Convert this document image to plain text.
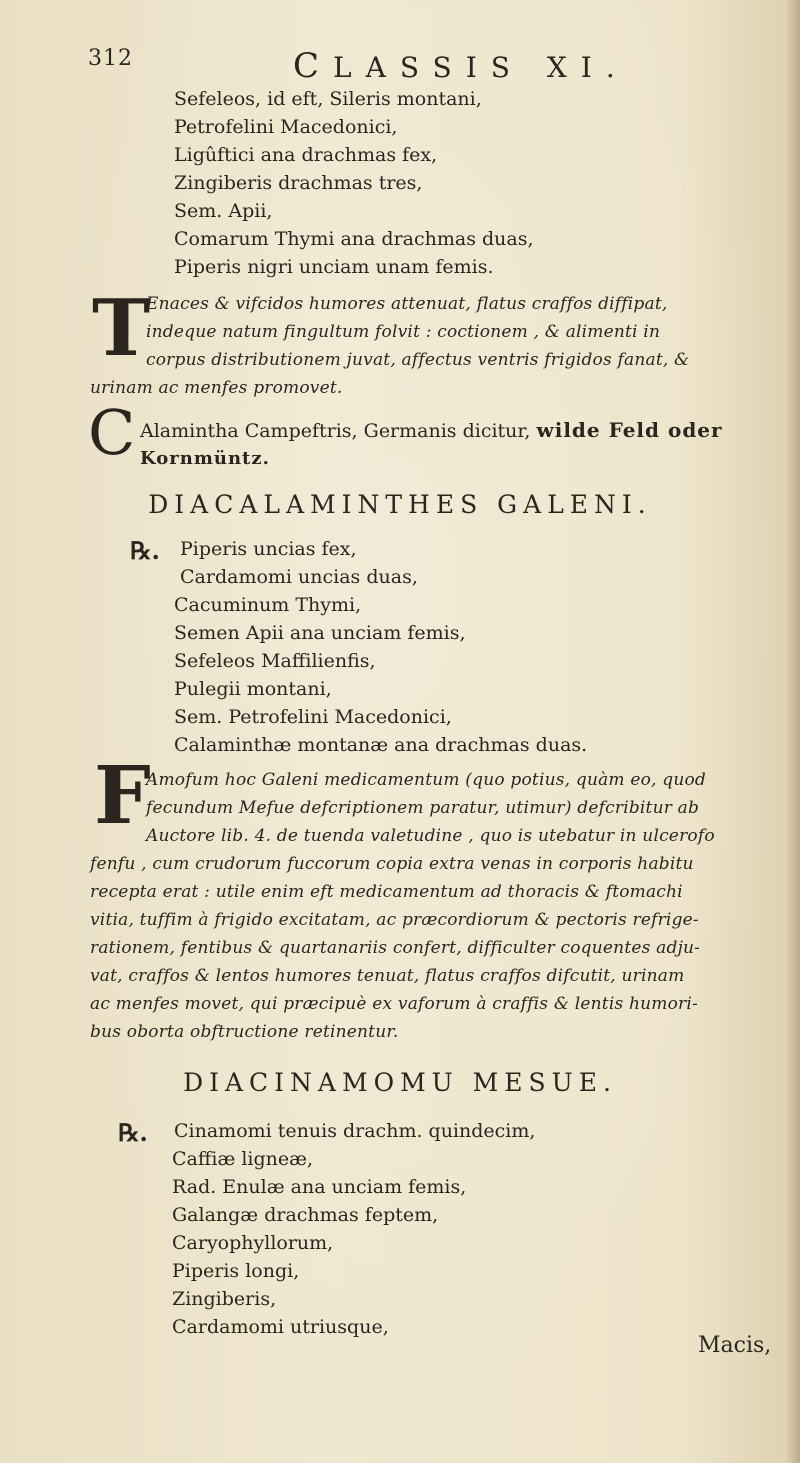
312	CLASSIS XI.
Sefeleos, id eft, Sileris montani,
Petrofelini Macedonici,
Ligûftici ana drachmas fex,
Zingiberis drachmas tres,
Sem. Apii,
Comarum Thymi ana drachmas duas,
Piperis nigri unciam unam femis.
T
Enaces & vifcidos humores attenuat, flatus craffos diffipat,
indeque natum fingultum folvit : coctionem , & alimenti in
corpus distributionem juvat, affectus ventris frigidos fanat, &
urinam ac menfes promovet.
C Alamintha Campeftris, Germanis dicitur, wilde Feld oder
Kornmüntz.
DIACALAMINTHES GALENI.
℞. Piperis uncias fex,
Cardamomi uncias duas,
Cacuminum Thymi,
Semen Apii ana unciam femis,
Sefeleos Maffilienfis,
Pulegii montani,
Sem. Petrofelini Macedonici,
Calaminthæ montanæ ana drachmas duas.
F
Amofum hoc Galeni medicamentum (quo potius, quàm eo, quod
fecundum Mefue defcriptionem paratur, utimur) defcribitur ab
Auctore lib. 4. de tuenda valetudine , quo is utebatur in ulcerofo
fenfu , cum crudorum fuccorum copia extra venas in corporis habitu
recepta erat : utile enim eft medicamentum ad thoracis & ftomachi
vitia, tuffim à frigido excitatam, ac præcordiorum & pectoris refrige-
rationem, fentibus & quartanariis confert, difficulter coquentes adju-
vat, craffos & lentos humores tenuat, flatus craffos difcutit, urinam
ac menfes movet, qui præcipuè ex vaforum à craffis & lentis humori-
bus oborta obftructione retinentur.
DIACINAMOMU MESUE.
℞. Cinamomi tenuis drachm. quindecim,
Caffiæ ligneæ,
Rad. Enulæ ana unciam femis,
Galangæ drachmas feptem,
Caryophyllorum,
Piperis longi,
Zingiberis,
Cardamomi utriusque,
Macis,
